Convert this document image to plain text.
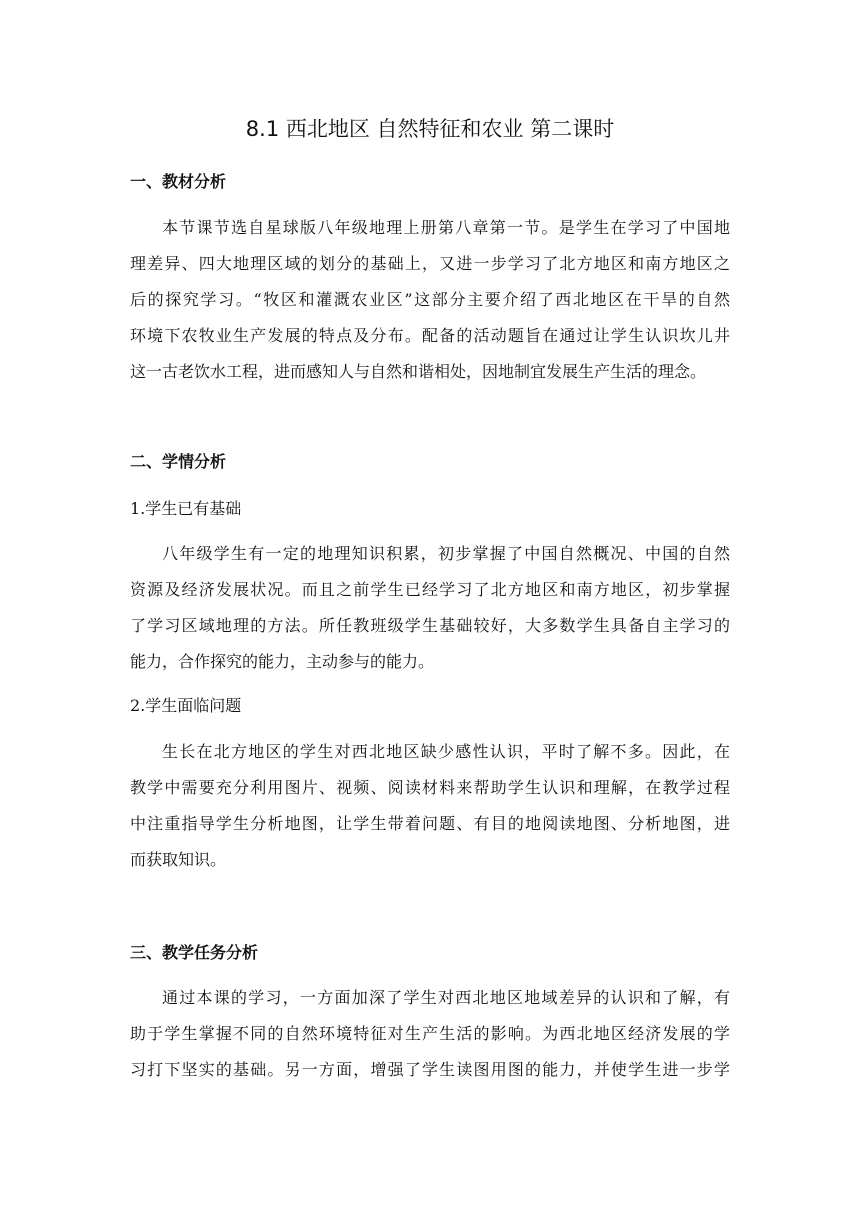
8.1 西北地区 自然特征和农业 第二课时
一、教材分析
本节课节选自星球版八年级地理上册第八章第一节。是学生在学习了中国地
理差异、四大地理区域的划分的基础上，又进一步学习了北方地区和南方地区之
后的探究学习。“牧区和灌溉农业区”这部分主要介绍了西北地区在干旱的自然
环境下农牧业生产发展的特点及分布。配备的活动题旨在通过让学生认识坎儿井
这一古老饮水工程，进而感知人与自然和谐相处，因地制宜发展生产生活的理念。
二、学情分析
1.学生已有基础
八年级学生有一定的地理知识积累，初步掌握了中国自然概况、中国的自然
资源及经济发展状况。而且之前学生已经学习了北方地区和南方地区，初步掌握
了学习区域地理的方法。所任教班级学生基础较好，大多数学生具备自主学习的
能力，合作探究的能力，主动参与的能力。
2.学生面临问题
生长在北方地区的学生对西北地区缺少感性认识，平时了解不多。因此，在
教学中需要充分利用图片、视频、阅读材料来帮助学生认识和理解，在教学过程
中注重指导学生分析地图，让学生带着问题、有目的地阅读地图、分析地图，进
而获取知识。
三、教学任务分析
通过本课的学习，一方面加深了学生对西北地区地域差异的认识和了解，有
助于学生掌握不同的自然环境特征对生产生活的影响。为西北地区经济发展的学
习打下坚实的基础。另一方面，增强了学生读图用图的能力，并使学生进一步学
